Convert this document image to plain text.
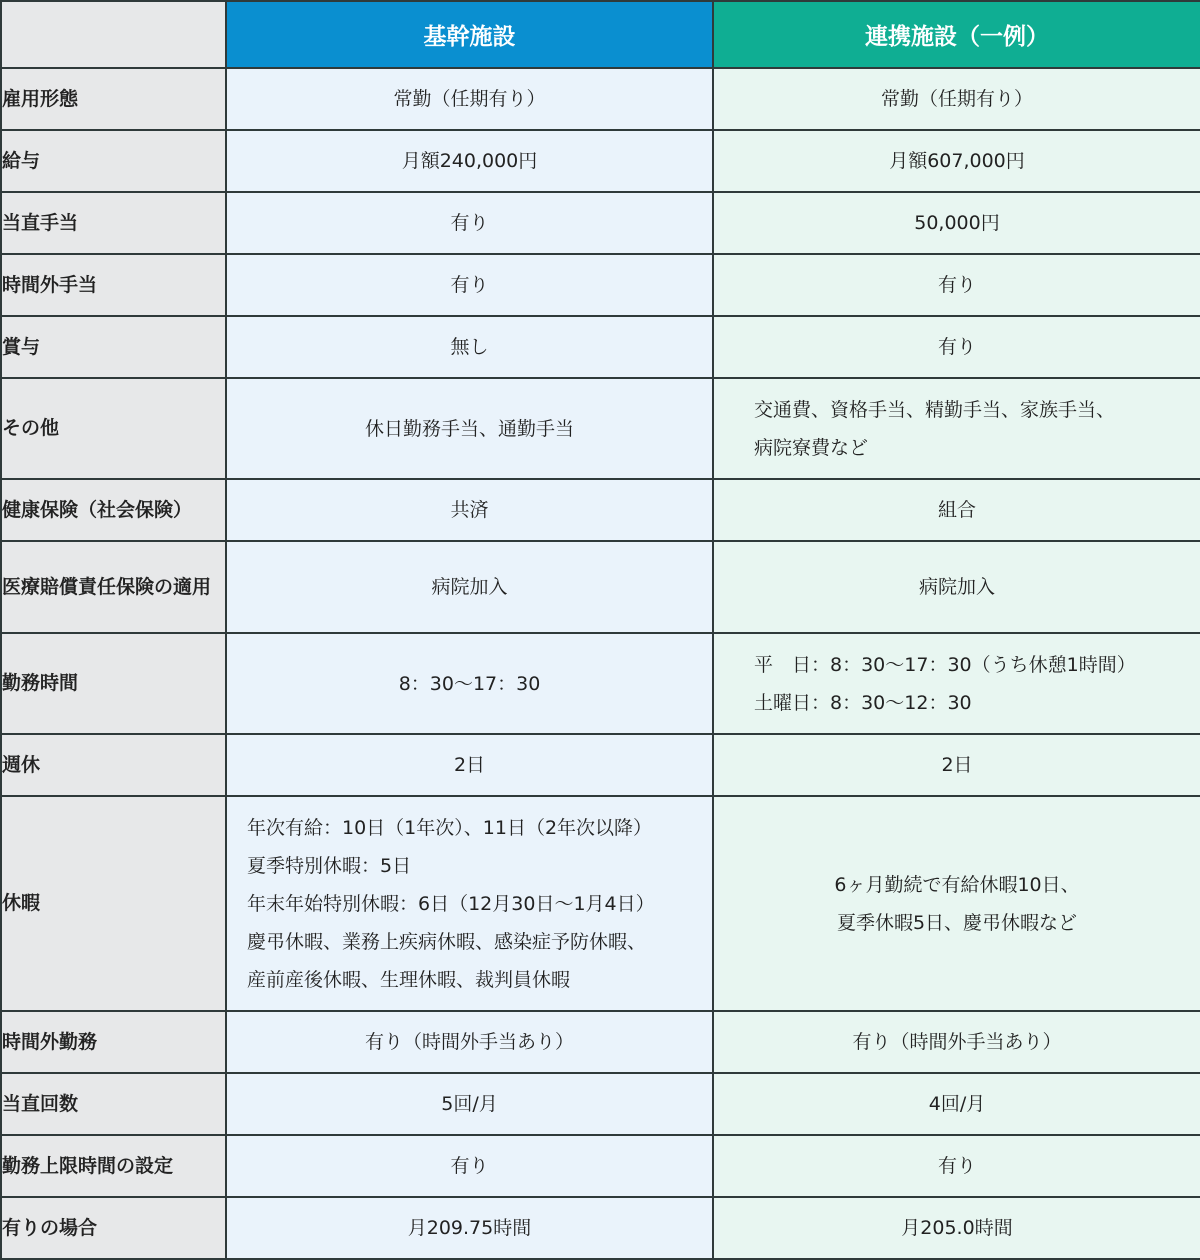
	基幹施設	連携施設（一例）
雇用形態	常勤（任期有り）	常勤（任期有り）
給与	月額240,000円	月額607,000円
当直手当	有り	50,000円
時間外手当	有り	有り
賞与	無し	有り
その他	休日勤務手当、通勤手当	交通費、資格手当、精勤手当、家族手当、
病院寮費など

健康保険（社会保険）	共済	組合
医療賠償責任保険の適用	病院加入	病院加入
勤務時間	8：30～17：30	平　日：8：30～17：30（うち休憩1時間）
土曜日：8：30～12：30

週休	2日	2日
休暇	年次有給：10日（1年次）、11日（2年次以降）
夏季特別休暇：5日
年末年始特別休暇：6日（12月30日～1月4日）
慶弔休暇、業務上疾病休暇、感染症予防休暇、
産前産後休暇、生理休暇、裁判員休暇	6ヶ月勤続で有給休暇10日、
夏季休暇5日、慶弔休暇など

時間外勤務	有り（時間外手当あり）	有り（時間外手当あり）
当直回数	5回/月	4回/月
勤務上限時間の設定	有り	有り
有りの場合	月209.75時間	月205.0時間
